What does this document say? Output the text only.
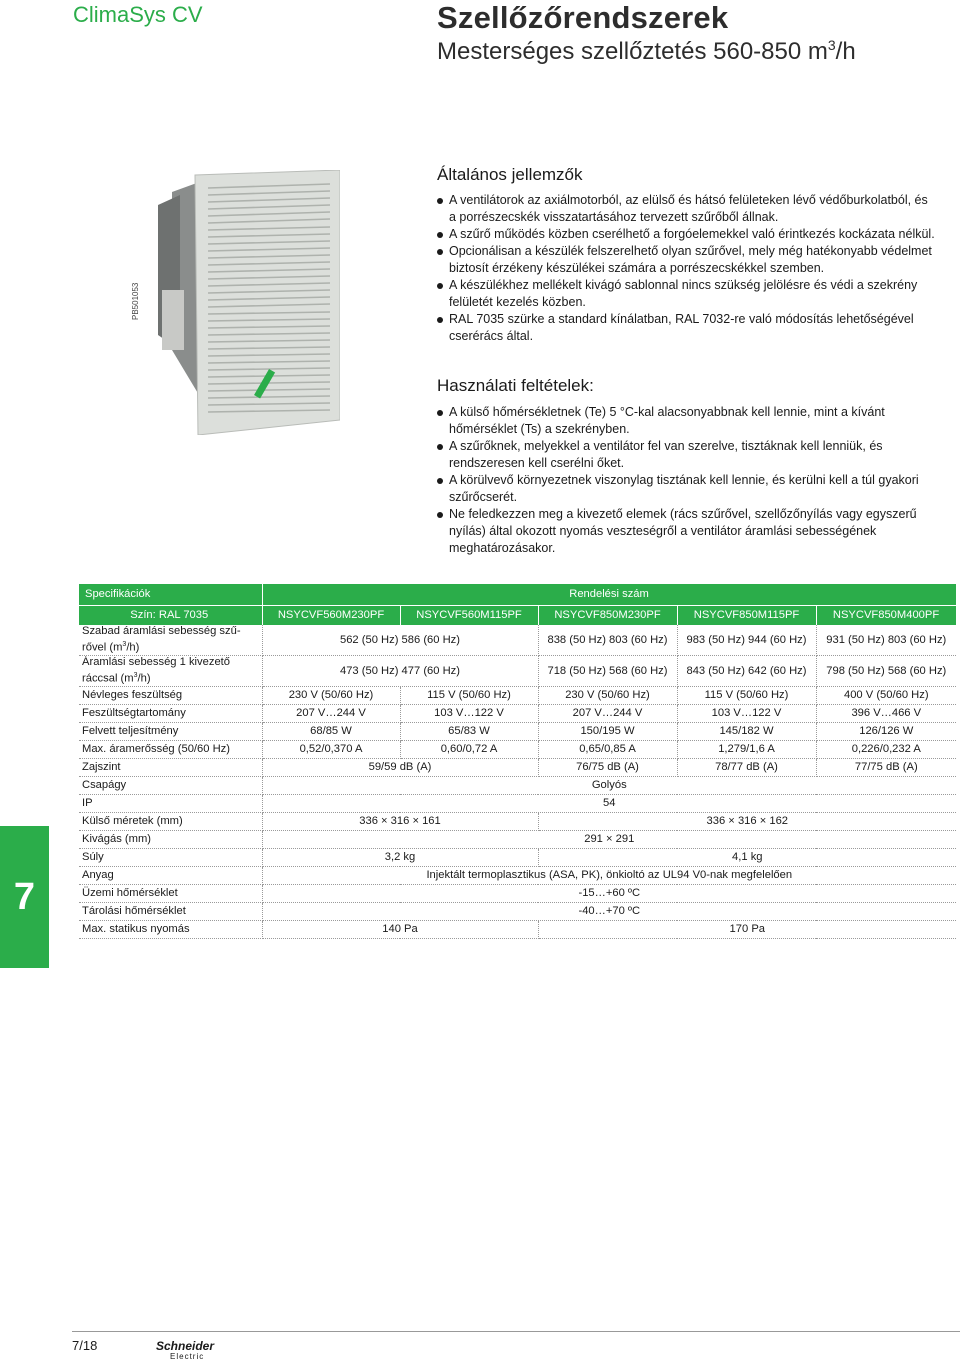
ClimaSys CV	Szellőzőrendszerek
Mesterséges szellőztetés 560-850 $m^3/h$
PB501053
Általános jellemzők
A ventilátorok az axiálmotorból, az elülső és hátsó felületeken lévő védőburkolatból, és a porrészecskék visszatartásához tervezett szűrőből állnak.
A szűrő működés közben cserélhető a forgóelemekkel való érintkezés kockázata nélkül.
Opcionálisan a készülék felszerelhető olyan szűrővel, mely még hatékonyabb védelmet biztosít érzékeny készülékei számára a porrészecskékkel szemben.
A készülékhez mellékelt kivágó sablonnal nincs szükség jelölésre és védi a szekrény felületét kezelés közben.
RAL 7035 szürke a standard kínálatban, RAL 7032-re való módosítás lehetőségével cserérács által.
Használati feltételek:
A külső hőmérsékletnek (Te) 5 °C-kal alacsonyabbnak kell lennie, mint a kívánt hőmérséklet (Ts) a szekrényben.
A szűrőknek, melyekkel a ventilátor fel van szerelve, tisztáknak kell lenniük, és rendszeresen kell cserélni őket.
A körülvevő környezetnek viszonylag tisztának kell lennie, és kerülni kell a túl gyakori szűrőcserét.
Ne feledkezzen meg a kivezető elemek (rács szűrővel, szellőzőnyílás vagy egyszerű nyílás) által okozott nyomás veszteségről a ventilátor áramlási sebességének meghatározásakor.
Specifikációk	Rendelési szám				
Szín: RAL 7035	NSYCVF560M230PF	NSYCVF560M115PF	NSYCVF850M230PF	NSYCVF850M115PF	NSYCVF850M400PF
Szabad áramlási sebesség szű-rővel $(m^3/h)$	562 (50 Hz) 586 (60 Hz)		838 (50 Hz) 803 (60 Hz)	983 (50 Hz) 944 (60 Hz)	931 (50 Hz) 803 (60 Hz)
Áramlási sebesség 1 kivezető ráccsal $(m^3/h)$	473 (50 Hz) 477 (60 Hz)		718 (50 Hz) 568 (60 Hz)	843 (50 Hz) 642 (60 Hz)	798 (50 Hz) 568 (60 Hz)
Névleges feszültség	230 V (50/60 Hz)	115 V (50/60 Hz)	230 V (50/60 Hz)	115 V (50/60 Hz)	400 V (50/60 Hz)
Feszültségtartomány	207 V…244 V	103 V…122 V	207 V…244 V	103 V…122 V	396 V…466 V
Felvett teljesítmény	68/85 W	65/83 W	150/195 W	145/182 W	126/126 W
Max. áramerősség (50/60 Hz)	0,52/0,370 A	0,60/0,72 A	0,65/0,85 A	1,279/1,6 A	0,226/0,232 A
Zajszint	59/59 dB (A)		76/75 dB (A)	78/77 dB (A)	77/75 dB (A)
Csapágy	Golyós				
IP	54				
Külső méretek (mm)	336 × 316 × 161		336 × 316 × 162		
Kivágás (mm)	291 × 291				
Súly	3,2 kg		4,1 kg		
Anyag	Injektált termoplasztikus (ASA, PK), önkioltó az UL94 V0-nak megfelelően				
Üzemi hőmérséklet	-15…+60 ºC				
Tárolási hőmérséklet	-40…+70 ºC				
Max. statikus nyomás	140 Pa		170 Pa		
7
7/18	Schneider
Electric
